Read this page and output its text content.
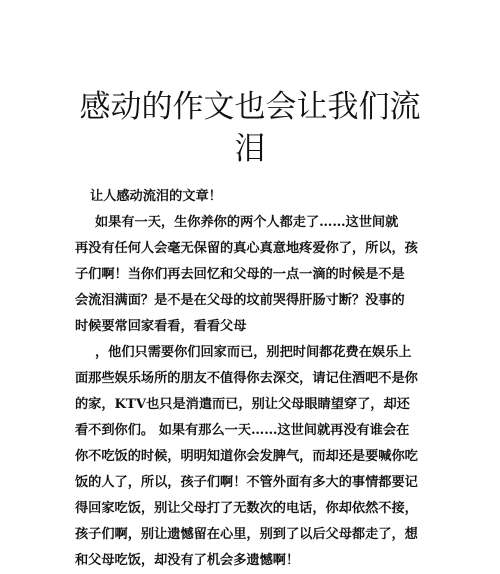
感动的作文也会让我们流
泪
让人感动流泪的文章！
如果有一天，生你养你的两个人都走了……这世间就
再没有任何人会毫无保留的真心真意地疼爱你了，所以，孩
子们啊！当你们再去回忆和父母的一点一滴的时候是不是
会流泪满面？是不是在父母的坟前哭得肝肠寸断？没事的
时候要常回家看看，看看父母
，他们只需要你们回家而已，别把时间都花费在娱乐上
面那些娱乐场所的朋友不值得你去深交，请记住酒吧不是你
的家，KTV也只是消遣而已，别让父母眼睛望穿了，却还
看不到你们。 如果有那么一天……这世间就再没有谁会在
你不吃饭的时候，明明知道你会发脾气，而却还是要喊你吃
饭的人了，所以，孩子们啊！不管外面有多大的事情都要记
得回家吃饭，别让父母打了无数次的电话，你却依然不接，
孩子们啊，别让遗憾留在心里，别到了以后父母都走了，想
和父母吃饭，却没有了机会多遗憾啊！
